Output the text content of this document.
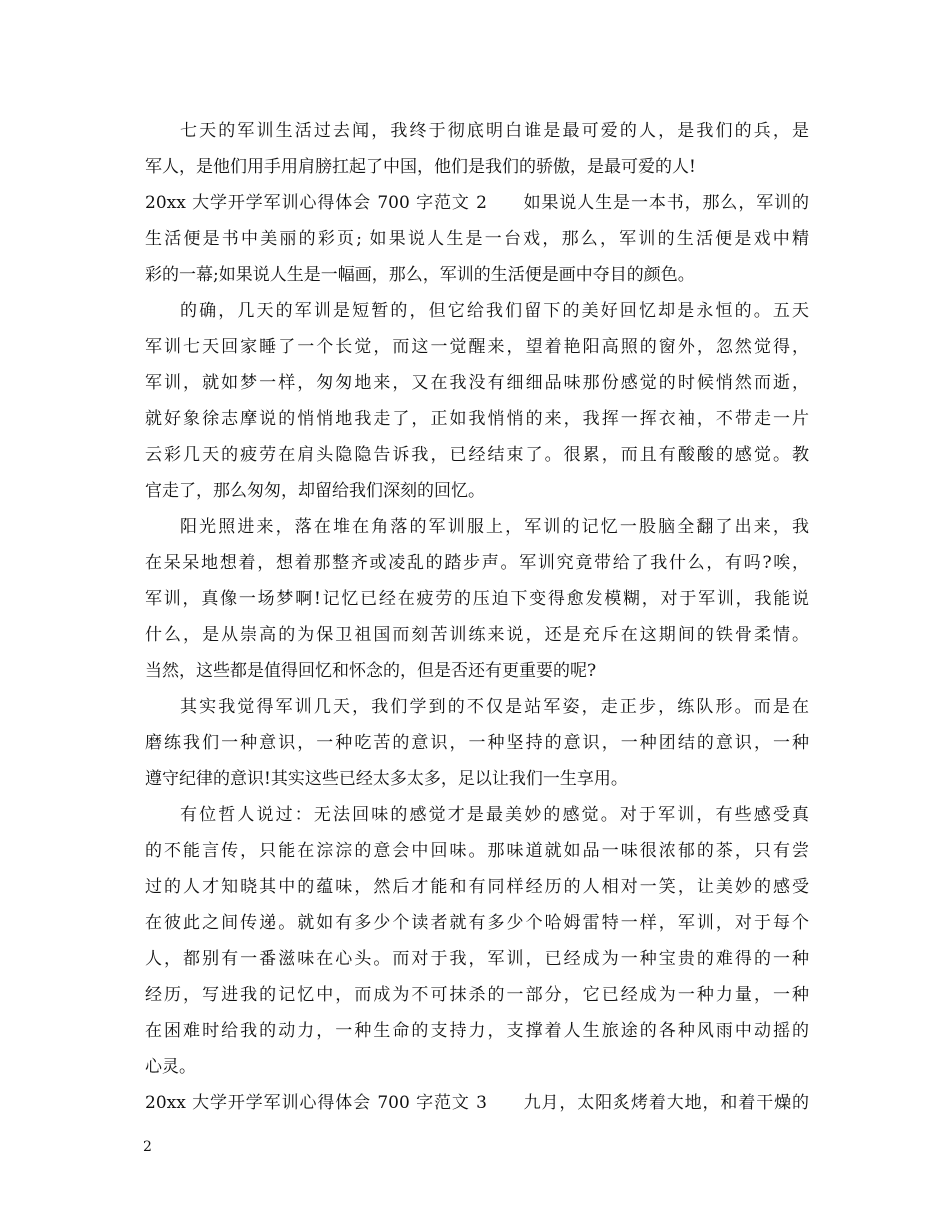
七天的军训生活过去闻，我终于彻底明白谁是最可爱的人，是我们的兵，是
军人，是他们用手用肩膀扛起了中国，他们是我们的骄傲，是最可爱的人!
20xx 大学开学军训心得体会 700 字范文 2　　如果说人生是一本书，那么，军训的
生活便是书中美丽的彩页; 如果说人生是一台戏，那么，军训的生活便是戏中精
彩的一幕;如果说人生是一幅画，那么，军训的生活便是画中夺目的颜色。
的确，几天的军训是短暂的，但它给我们留下的美好回忆却是永恒的。五天
军训七天回家睡了一个长觉，而这一觉醒来，望着艳阳高照的窗外，忽然觉得，
军训，就如梦一样，匆匆地来，又在我没有细细品味那份感觉的时候悄然而逝，
就好象徐志摩说的悄悄地我走了，正如我悄悄的来，我挥一挥衣袖，不带走一片
云彩几天的疲劳在肩头隐隐告诉我，已经结束了。很累，而且有酸酸的感觉。教
官走了，那么匆匆，却留给我们深刻的回忆。
阳光照进来，落在堆在角落的军训服上，军训的记忆一股脑全翻了出来，我
在呆呆地想着，想着那整齐或凌乱的踏步声。军训究竟带给了我什么，有吗?唉，
军训，真像一场梦啊!记忆已经在疲劳的压迫下变得愈发模糊，对于军训，我能说
什么，是从崇高的为保卫祖国而刻苦训练来说，还是充斥在这期间的铁骨柔情。
当然，这些都是值得回忆和怀念的，但是否还有更重要的呢?
其实我觉得军训几天，我们学到的不仅是站军姿，走正步，练队形。而是在
磨练我们一种意识，一种吃苦的意识，一种坚持的意识，一种团结的意识，一种
遵守纪律的意识!其实这些已经太多太多，足以让我们一生享用。
有位哲人说过：无法回味的感觉才是最美妙的感觉。对于军训，有些感受真
的不能言传，只能在淙淙的意会中回味。那味道就如品一味很浓郁的茶，只有尝
过的人才知晓其中的蕴味，然后才能和有同样经历的人相对一笑，让美妙的感受
在彼此之间传递。就如有多少个读者就有多少个哈姆雷特一样，军训，对于每个
人，都别有一番滋味在心头。而对于我，军训，已经成为一种宝贵的难得的一种
经历，写进我的记忆中，而成为不可抹杀的一部分，它已经成为一种力量，一种
在困难时给我的动力，一种生命的支持力，支撑着人生旅途的各种风雨中动摇的
心灵。
20xx 大学开学军训心得体会 700 字范文 3　　九月，太阳炙烤着大地，和着干燥的
2
